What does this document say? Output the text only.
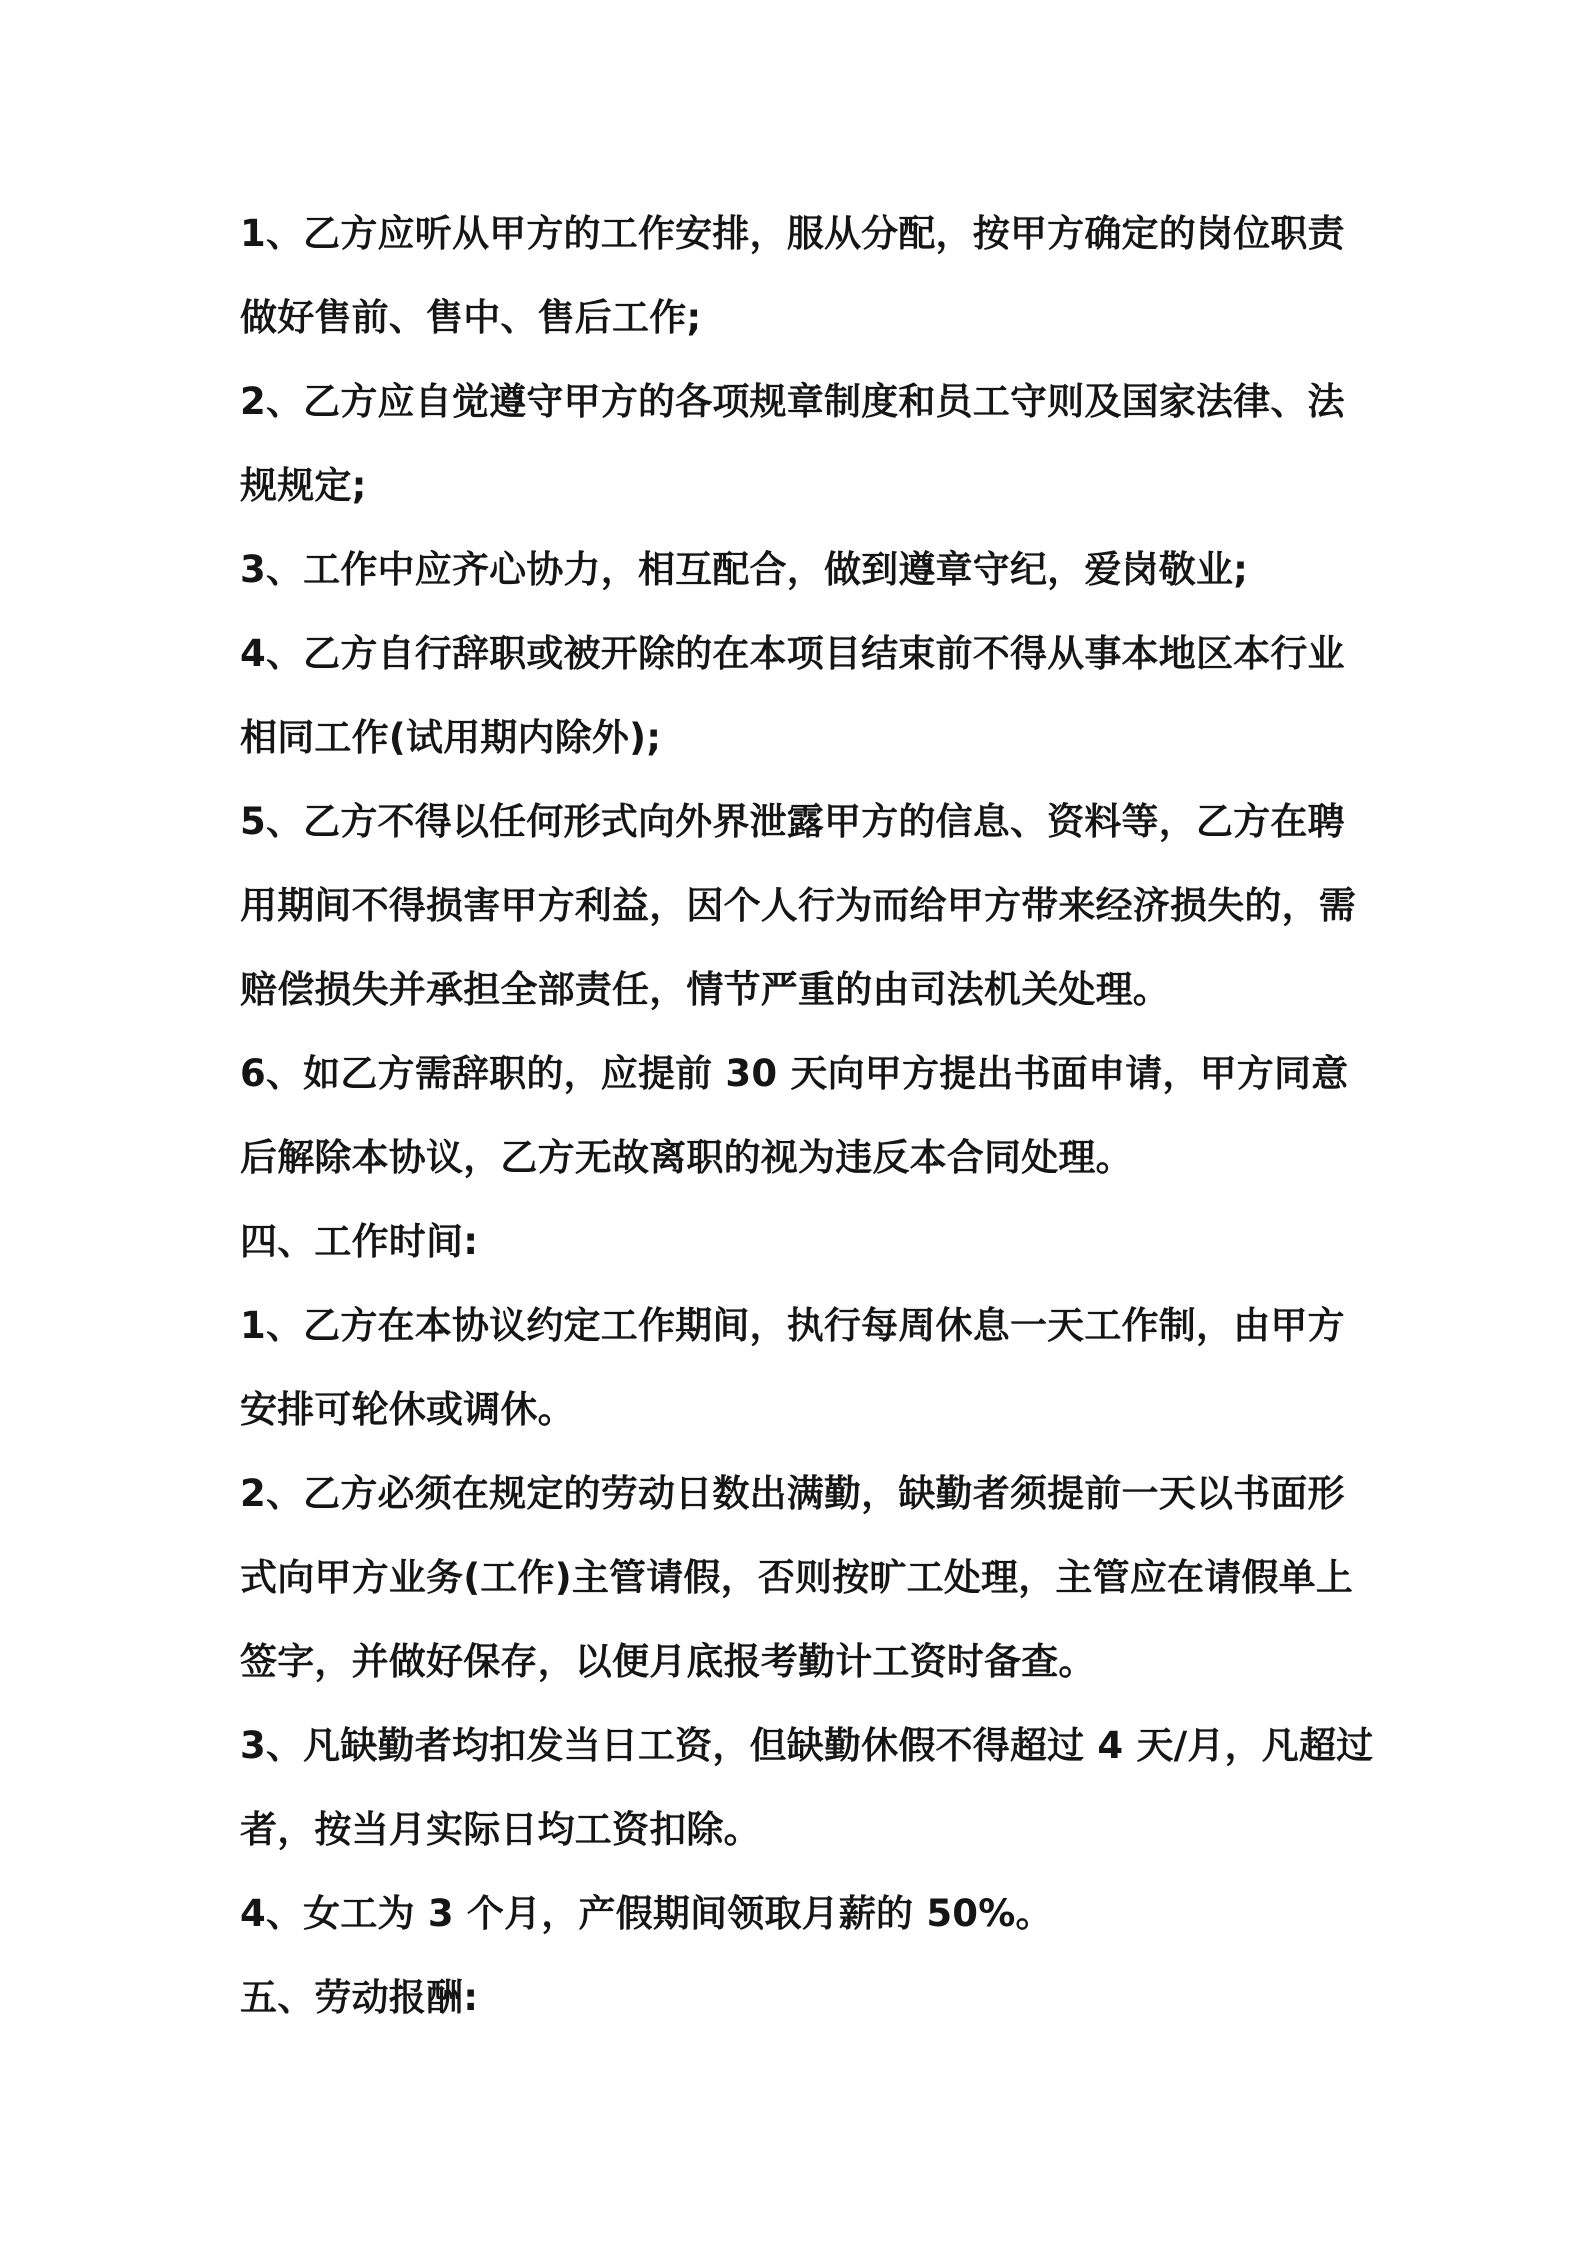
1、乙方应听从甲方的工作安排，服从分配，按甲方确定的岗位职责
做好售前、售中、售后工作;

2、乙方应自觉遵守甲方的各项规章制度和员工守则及国家法律、法
规规定;

3、工作中应齐心协力，相互配合，做到遵章守纪，爱岗敬业;

4、乙方自行辞职或被开除的在本项目结束前不得从事本地区本行业
相同工作(试用期内除外);

5、乙方不得以任何形式向外界泄露甲方的信息、资料等，乙方在聘
用期间不得损害甲方利益，因个人行为而给甲方带来经济损失的，需
赔偿损失并承担全部责任，情节严重的由司法机关处理。

6、如乙方需辞职的，应提前 30 天向甲方提出书面申请，甲方同意
后解除本协议，乙方无故离职的视为违反本合同处理。

四、工作时间:

1、乙方在本协议约定工作期间，执行每周休息一天工作制，由甲方
安排可轮休或调休。

2、乙方必须在规定的劳动日数出满勤，缺勤者须提前一天以书面形
式向甲方业务(工作)主管请假，否则按旷工处理，主管应在请假单上
签字，并做好保存，以便月底报考勤计工资时备查。

3、凡缺勤者均扣发当日工资，但缺勤休假不得超过 4 天/月，凡超过
者，按当月实际日均工资扣除。

4、女工为 3 个月，产假期间领取月薪的 50%。

五、劳动报酬:
